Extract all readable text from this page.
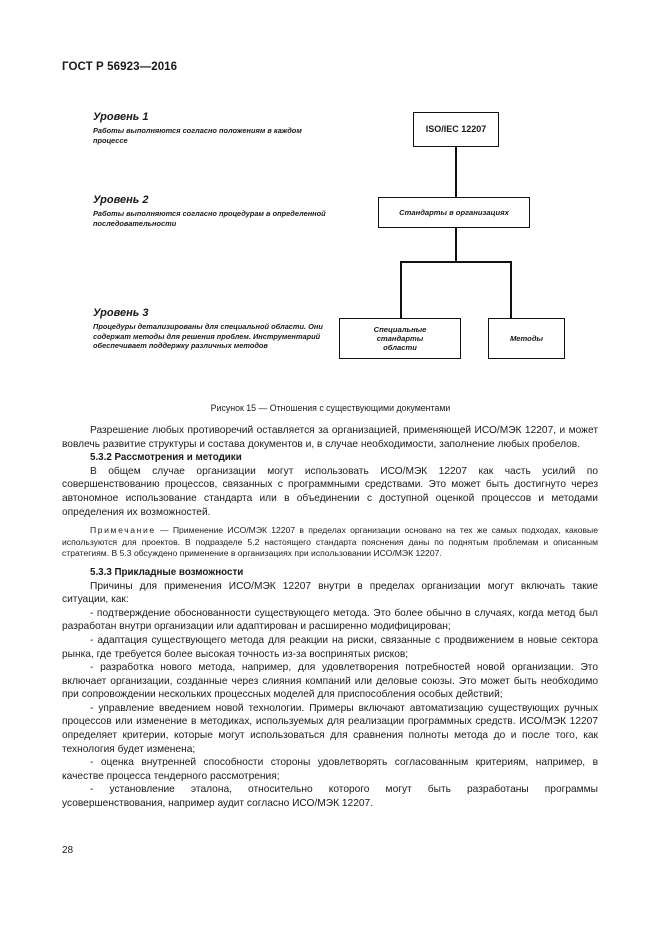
ГОСТ Р 56923—2016
Уровень 1
Работы выполняются согласно положениям в каждом процессе
Уровень 2
Работы выполняются согласно процедурам в определенной последовательности
Уровень 3
Процедуры детализированы для специальной области. Они содержат методы для решения проблем. Инструментарий обеспечивает поддержку различных методов
ISO/IEC 12207
Стандарты в организациях
Специальные стандарты области
Методы
Рисунок 15 — Отношения с существующими документами

Разрешение любых противоречий оставляется за организацией, применяющей ИСО/МЭК 12207, и может вовлечь развитие структуры и состава документов и, в случае необходимости, заполнение любых пробелов.

5.3.2 Рассмотрения и методики

В общем случае организации могут использовать ИСО/МЭК 12207 как часть усилий по совершенствованию процессов, связанных с программными средствами. Это может быть достигнуто через автономное использование стандарта или в объединении с доступной оценкой процессов и методами определения их возможностей.

Примечание — Применение ИСО/МЭК 12207 в пределах организации основано на тех же самых подходах, каковые используются для проектов. В подразделе 5.2 настоящего стандарта пояснения даны по поднятым проблемам и описанным стратегиям. В 5.3 обсуждено применение в организациях при использовании ИСО/МЭК 12207.

5.3.3 Прикладные возможности

Причины для применения ИСО/МЭК 12207 внутри в пределах организации могут включать такие ситуации, как:

- подтверждение обоснованности существующего метода. Это более обычно в случаях, когда метод был разработан внутри организации или адаптирован и расширенно модифицирован;

- адаптация существующего метода для реакции на риски, связанные с продвижением в новые сектора рынка, где требуется более высокая точность из-за воспринятых рисков;

- разработка нового метода, например, для удовлетворения потребностей новой организации. Это включает организации, созданные через слияния компаний или деловые союзы. Это может быть необходимо при сопровождении нескольких процессных моделей для приспособления особых действий;

- управление введением новой технологии. Примеры включают автоматизацию существующих ручных процессов или изменение в методиках, используемых для реализации программных средств. ИСО/МЭК 12207 определяет критерии, которые могут использоваться для сравнения полноты метода до и после того, как технология будет изменена;

- оценка внутренней способности стороны удовлетворять согласованным критериям, например, в качестве процесса тендерного рассмотрения;

- установление эталона, относительно которого могут быть разработаны программы усовершенствования, например аудит согласно ИСО/МЭК 12207.

28
